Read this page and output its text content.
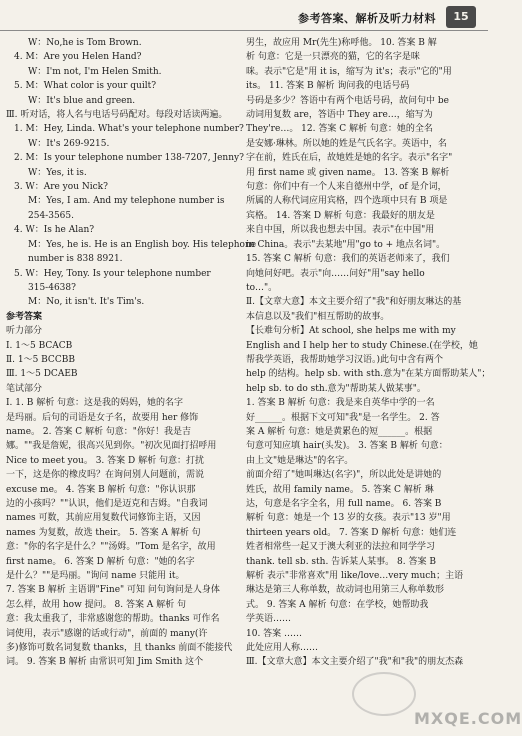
参考答案、解析及听力材料	15
W：No,he is Tom Brown.
4. M：Are you Helen Hand?
W：I'm not, I'm Helen Smith.
5. M：What color is your quilt?
W：It's blue and green.
Ⅲ. 听对话，将人名与电话号码配对。每段对话读两遍。
1. M：Hey, Linda. What's your telephone number?
W：It's 269-9215.
2. M：Is your telephone number 138-7207, Jenny?
W：Yes, it is.
3. W：Are you Nick?
M：Yes, I am. And my telephone number is
254-3565.
4. W：Is he Alan?
M：Yes, he is. He is an English boy. His telephone
number is 838 8921.
5. W：Hey, Tony. Is your telephone number
315-4638?
M：No, it isn't. It's Tim's.
参考答案
听力部分
Ⅰ. 1～5 BCACB
Ⅱ. 1～5 BCCBB
Ⅲ. 1～5 DCAEB
笔试部分
Ⅰ. 1. B 解析 句意：这是我的妈妈，她的名字
是玛丽。后句的司语是女子名，故要用 her 修饰
name。 2. 答案 C 解析 句意："你好！我是吉
娜。""我是詹妮，很高兴见到你。"初次见面打招呼用
Nice to meet you。 3. 答案 D 解析 句意：打扰
一下，这是你的橡皮吗？在询问别人问题前，需说
excuse me。 4. 答案 B 解析 句意："你认识那
边的小孩吗？""认识，他们是迈克和吉姆。"自我词
names 可数，其前应用复数代词修饰主语，又因
names 为复数，故选 their。 5. 答案 A 解析 句
意："你的名字是什么？""汤姆。"Tom 是名字，故用
first name。 6. 答案 D 解析 句意："她的名字
是什么？""是玛丽。"询问 name 只能用 it。
7. 答案 B 解析 主语谓"Fine" 可知 问句询问是人身体
怎么样，故用 how 提问。 8. 答案 A 解析 句
意：我太重我了，非常感谢您的帮助。thanks 可作名
词使用，表示"感谢的话或行动"，前面的 many(许
多)修饰可数名词复数 thanks，且 thanks 前面不能接代
词。 9. 答案 B 解析 由常识可知 Jim Smith 这个
男生，故应用 Mr(先生)称呼他。 10. 答案 B 解
析 句意：它是一只漂亮的猫，它的名字是咪
咪。表示"它是"用 it is，缩写为 it's；表示"它的"用
its。 11. 答案 B 解析 询问我的电话号码
号码是多少？答语中有两个电话号码，故问句中 be
动词用复数 are，答语中 They are…，缩写为
They're…。 12. 答案 C 解析 句意：她的全名
是安娜·琳林。所以她的姓是气氏名字。英语中，名
字在前，姓氏在后，故她姓是她的名字。表示"名字"
用 first name 或 given name。 13. 答案 B 解析
句意：你们中有一个人来自德州中学，of 是介词，
所属的人称代词应用宾格，四个选项中只有 B 项是
宾格。 14. 答案 D 解析 句意：我最好的朋友是
来自中国，所以我也想去中国。表示"在中国"用
in China。表示"去某地"用"go to + 地点名词"。
15. 答案 C 解析 句意：我们的英语老师来了，我们
向她问好吧。表示"向……问好"用"say hello
to…"。
Ⅱ.【文章大意】本文主要介绍了"我"和好朋友琳达的基
本信息以及"我们"相互帮助的故事。
【长难句分析】At school, she helps me with my
English and I help her to study Chinese.(在学校，她
帮我学英语，我帮助她学习汉语。)此句中含有两个
help 的结构。help sb. with sth.意为"在某方面帮助某人"；
help sb. to do sth.意为"帮助某人做某事"。
1. 答案 B 解析 句意：我是来自英华中学的一名
好______。根据下文可知"我"是一名学生。 2. 答
案 A 解析 句意：她是黄累色的短______。根据
句意可知应填 hair(头发)。 3. 答案 B 解析 句意：
由上文"她是琳达"的名字。
前面介绍了"她叫琳达(名字)"，所以此处是讲她的
姓氏，故用 family name。 5. 答案 C 解析 琳
达，句意是名字全名，用 full name。 6. 答案 B
解析 句意：她是一个 13 岁的女孩。表示"13 岁"用
thirteen years old。 7. 答案 D 解析 句意：她们连
姓者相常些一起又于澳大利亚的法拉和同学学习
thank. tell sb. sth. 告诉某人某事。 8. 答案 B
解析 表示"非常喜欢"用 like/love…very much；主语
琳达是第三人称单数，故动词也用第三人称单数形
式。 9. 答案 A 解析 句意：在学校，她帮助我
学英语……
10. 答案 ……
此处应用人称……
Ⅲ.【文章大意】本文主要介绍了"我"和"我"的朋友杰森
MXQE.COM
